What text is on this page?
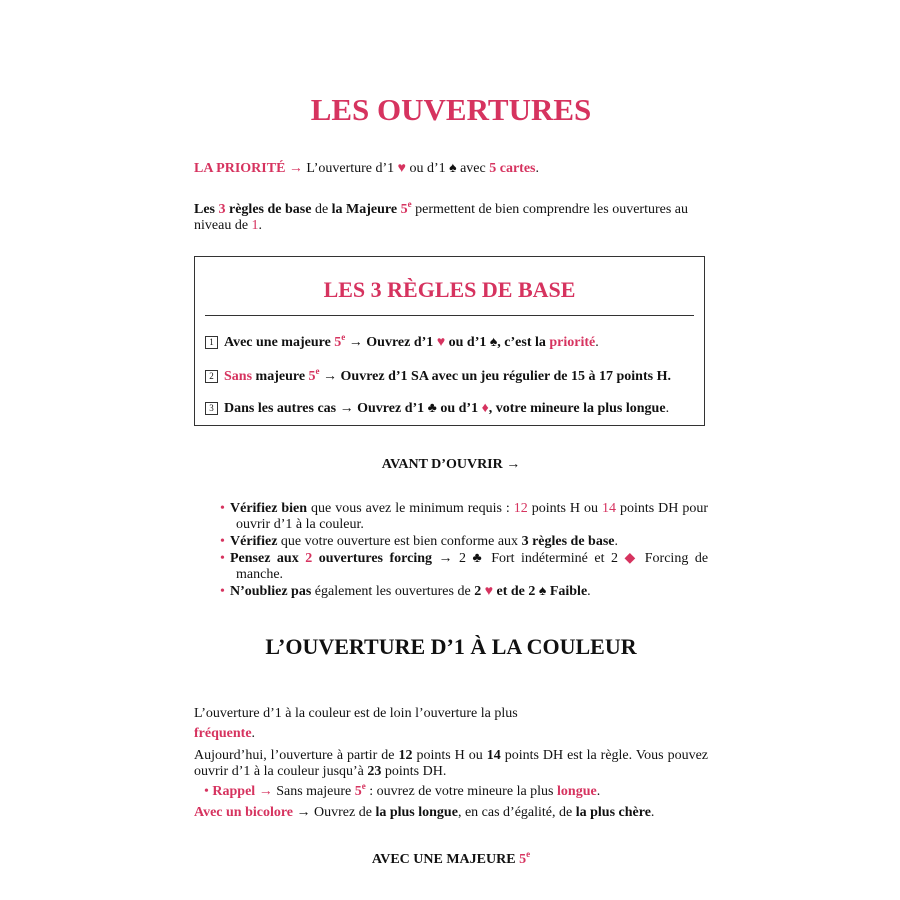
LES OUVERTURES

LA PRIORITÉ → L’ouverture d’1 ♥ ou d’1 ♠ avec 5 cartes.

Les 3 règles de base de la Majeure 5e permettent de bien comprendre les ouvertures au niveau de 1.

LES 3 RÈGLES DE BASE
1 Avec une majeure $5^e$ → Ouvrez d’1 ♥ ou d’1 ♠, c’est la priorité.
2 Sans majeure $5^e$ → Ouvrez d’1 SA avec un jeu régulier de 15 à 17 points H.
3 Dans les autres cas → Ouvrez d’1 ♣ ou d’1 ♦, votre mineure la plus longue.
AVANT D’OUVRIR →
• Vérifiez bien que vous avez le minimum requis : 12 points H ou 14 points DH pour ouvrir d’1 à la couleur.
• Vérifiez que votre ouverture est bien conforme aux 3 règles de base.
• Pensez aux 2 ouvertures forcing → 2 ♣ Fort indéterminé et 2 ◆ Forcing de manche.
• N’oubliez pas également les ouvertures de 2 ♥ et de 2 ♠ Faible.
L’OUVERTURE D’1 À LA COULEUR

L’ouverture d’1 à la couleur est de loin l’ouverture la plus

fréquente.

Aujourd’hui, l’ouverture à partir de 12 points H ou 14 points DH est la règle. Vous pouvez ouvrir d’1 à la couleur jusqu’à 23 points DH.

• Rappel → Sans majeure 5e : ouvrez de votre mineure la plus longue.

Avec un bicolore → Ouvrez de la plus longue, en cas d’égalité, de la plus chère.

AVEC UNE MAJEURE 5e
